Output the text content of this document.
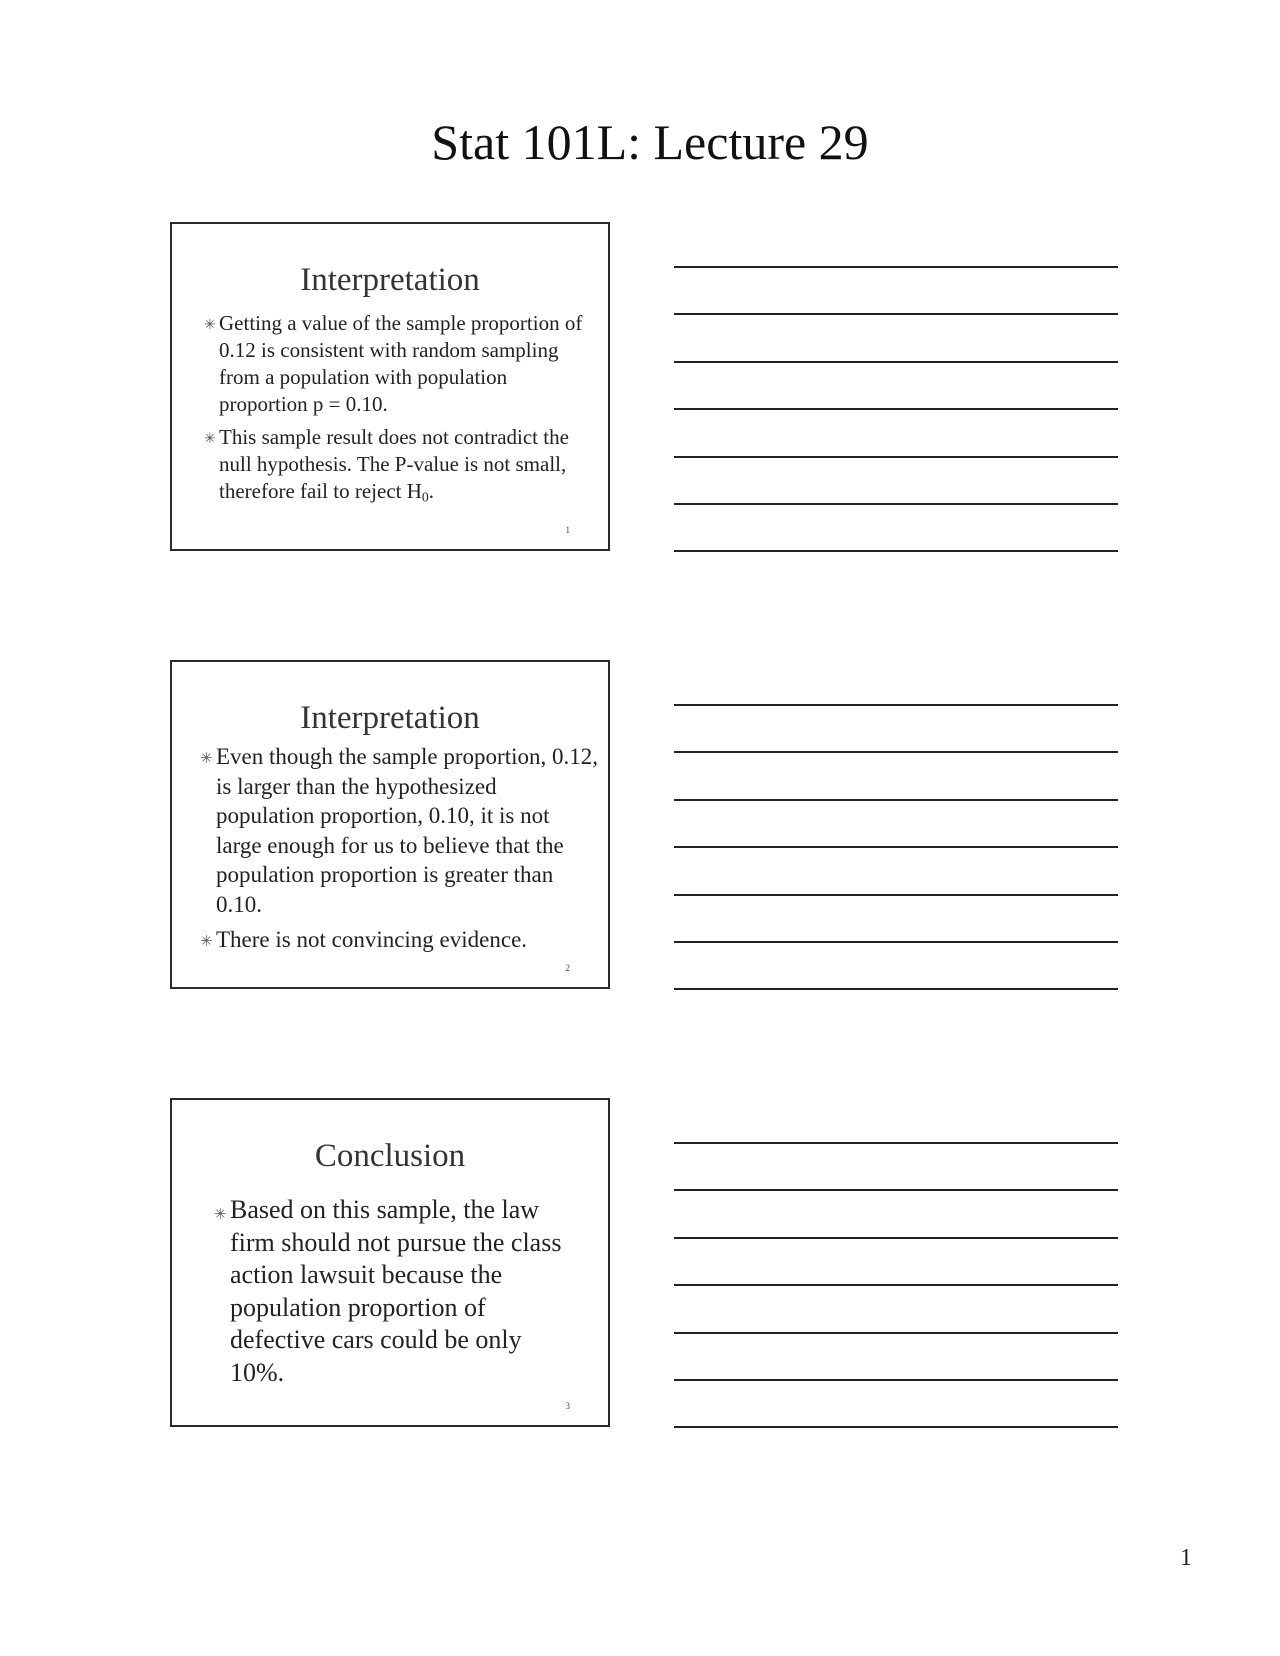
Stat 101L: Lecture 29
Interpretation
✳︎ Getting a value of the sample proportion of 0.12 is consistent with random sampling from a population with population proportion p = 0.10.
✳︎ This sample result does not contradict the null hypothesis. The P-value is not small, therefore fail to reject $H_0$.
1
Interpretation
✳︎ Even though the sample proportion, 0.12, is larger than the hypothesized population proportion, 0.10, it is not large enough for us to believe that the population proportion is greater than 0.10.
✳︎ There is not convincing evidence.
2
Conclusion
✳︎ Based on this sample, the law firm should not pursue the class action lawsuit because the population proportion of defective cars could be only 10%.
3
1
